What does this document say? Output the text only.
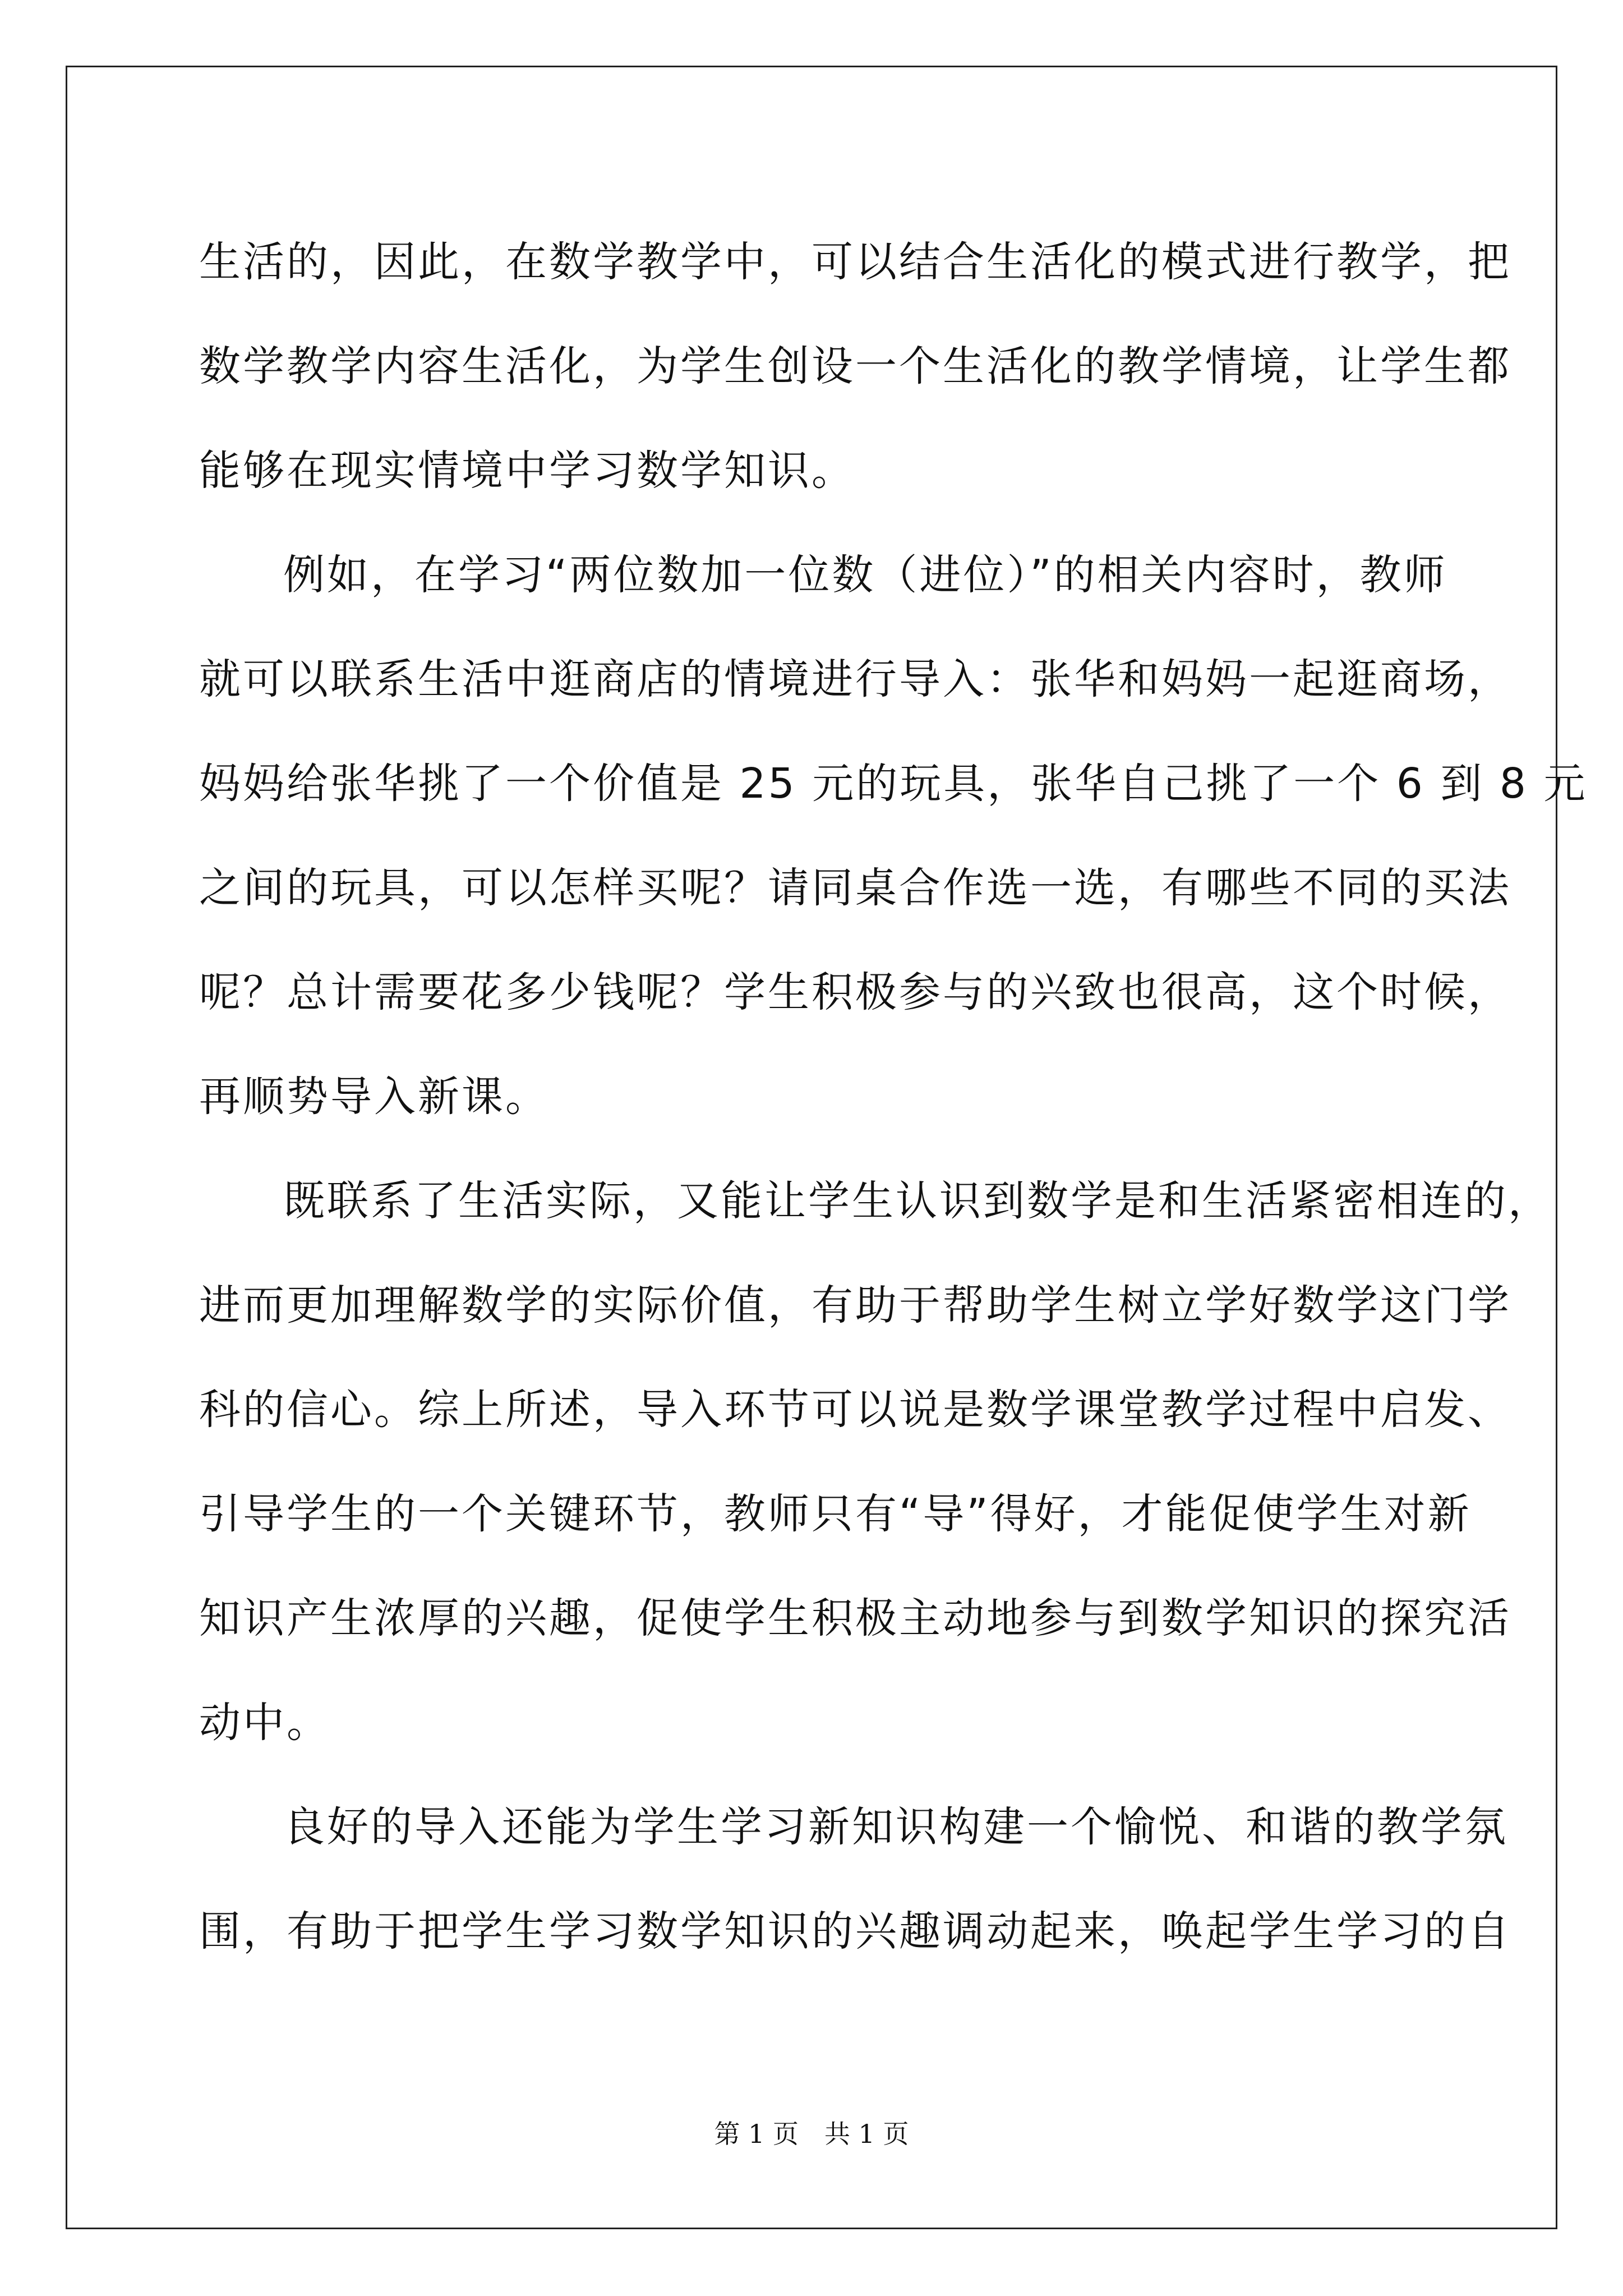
生活的，因此，在数学教学中，可以结合生活化的模式进行教学，把
数学教学内容生活化，为学生创设一个生活化的教学情境，让学生都
能够在现实情境中学习数学知识。
例如，在学习“两位数加一位数（进位）”的相关内容时，教师
就可以联系生活中逛商店的情境进行导入：张华和妈妈一起逛商场，
妈妈给张华挑了一个价值是 25 元的玩具，张华自己挑了一个 6 到 8 元
之间的玩具，可以怎样买呢？请同桌合作选一选，有哪些不同的买法
呢？总计需要花多少钱呢？学生积极参与的兴致也很高，这个时候，
再顺势导入新课。
既联系了生活实际，又能让学生认识到数学是和生活紧密相连的，
进而更加理解数学的实际价值，有助于帮助学生树立学好数学这门学
科的信心。综上所述，导入环节可以说是数学课堂教学过程中启发、
引导学生的一个关键环节，教师只有“导”得好，才能促使学生对新
知识产生浓厚的兴趣，促使学生积极主动地参与到数学知识的探究活
动中。
良好的导入还能为学生学习新知识构建一个愉悦、和谐的教学氛
围，有助于把学生学习数学知识的兴趣调动起来，唤起学生学习的自
第 1 页 共 1 页
